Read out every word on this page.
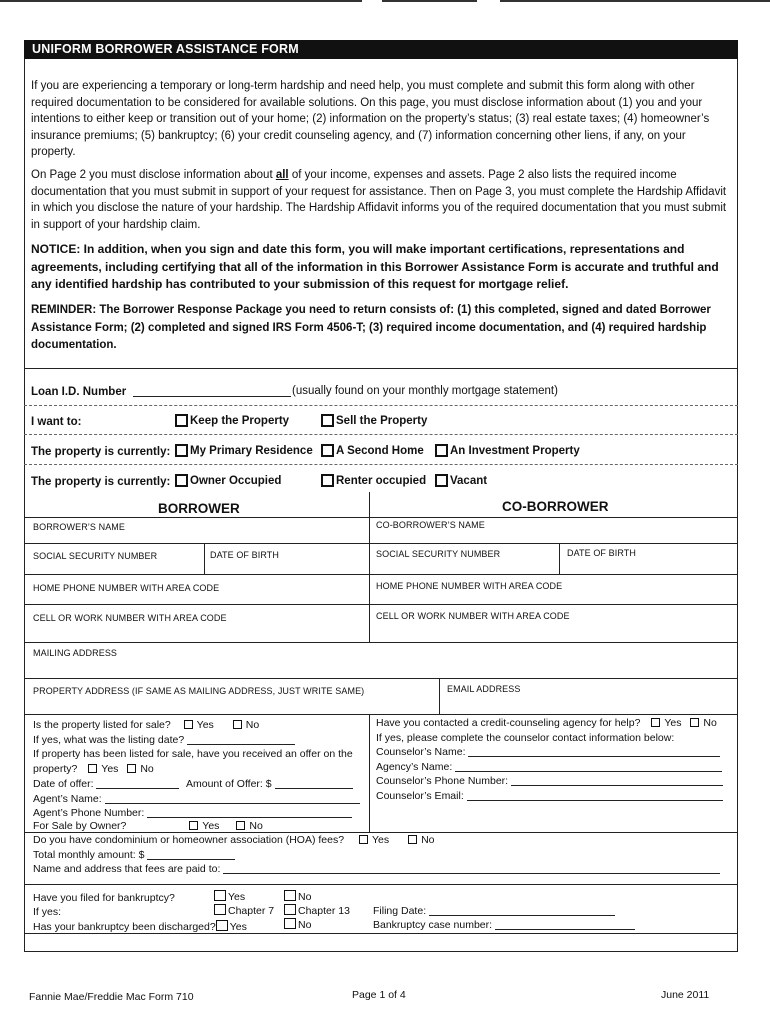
UNIFORM BORROWER ASSISTANCE FORM
If you are experiencing a temporary or long-term hardship and need help, you must complete and submit this form along with other required documentation to be considered for available solutions. On this page, you must disclose information about (1) you and your intentions to either keep or transition out of your home; (2) information on the property’s status; (3) real estate taxes; (4) homeowner’s insurance premiums; (5) bankruptcy; (6) your credit counseling agency, and (7) information concerning other liens, if any, on your property.
On Page 2 you must disclose information about all of your income, expenses and assets. Page 2 also lists the required income documentation that you must submit in support of your request for assistance. Then on Page 3, you must complete the Hardship Affidavit in which you disclose the nature of your hardship. The Hardship Affidavit informs you of the required documentation that you must submit in support of your hardship claim.
NOTICE: In addition, when you sign and date this form, you will make important certifications, representations and agreements, including certifying that all of the information in this Borrower Assistance Form is accurate and truthful and any identified hardship has contributed to your submission of this request for mortgage relief.
REMINDER: The Borrower Response Package you need to return consists of: (1) this completed, signed and dated Borrower Assistance Form; (2) completed and signed IRS Form 4506-T; (3) required income documentation, and (4) required hardship documentation.
Loan I.D. Number	(usually found on your monthly mortgage statement)
I want to:	Keep the Property	Sell the Property
The property is currently: My Primary Residence A Second Home An Investment Property
The property is currently: Owner Occupied	Renter occupied Vacant
BORROWER	CO-BORROWER
BORROWER’S NAME	CO-BORROWER’S NAME
SOCIAL SECURITY NUMBER	DATE OF BIRTH	SOCIAL SECURITY NUMBER	DATE OF BIRTH
HOME PHONE NUMBER WITH AREA CODE	HOME PHONE NUMBER WITH AREA CODE
CELL OR WORK NUMBER WITH AREA CODE	CELL OR WORK NUMBER WITH AREA CODE
MAILING ADDRESS
PROPERTY ADDRESS (IF SAME AS MAILING ADDRESS, JUST WRITE SAME)	EMAIL ADDRESS
Is the property listed for sale? Yes	No
If yes, what was the listing date?
If property has been listed for sale, have you received an offer on the
property? Yes No
Date of offer:	Amount of Offer: $
Agent’s Name:
Agent’s Phone Number:
For Sale by Owner?	Yes	No
Have you contacted a credit-counseling agency for help? Yes No
If yes, please complete the counselor contact information below:
Counselor’s Name:
Agency’s Name:
Counselor’s Phone Number:
Counselor’s Email:
Do you have condominium or homeowner association (HOA) fees?	Yes	No
Total monthly amount: $
Name and address that fees are paid to:
Have you filed for bankruptcy?	Yes	No
If yes:	Chapter 7	Chapter 13 Filing Date:
Has your bankruptcy been discharged? Yes	No	Bankruptcy case number:
Fannie Mae/Freddie Mac Form 710	Page 1 of 4	June 2011
